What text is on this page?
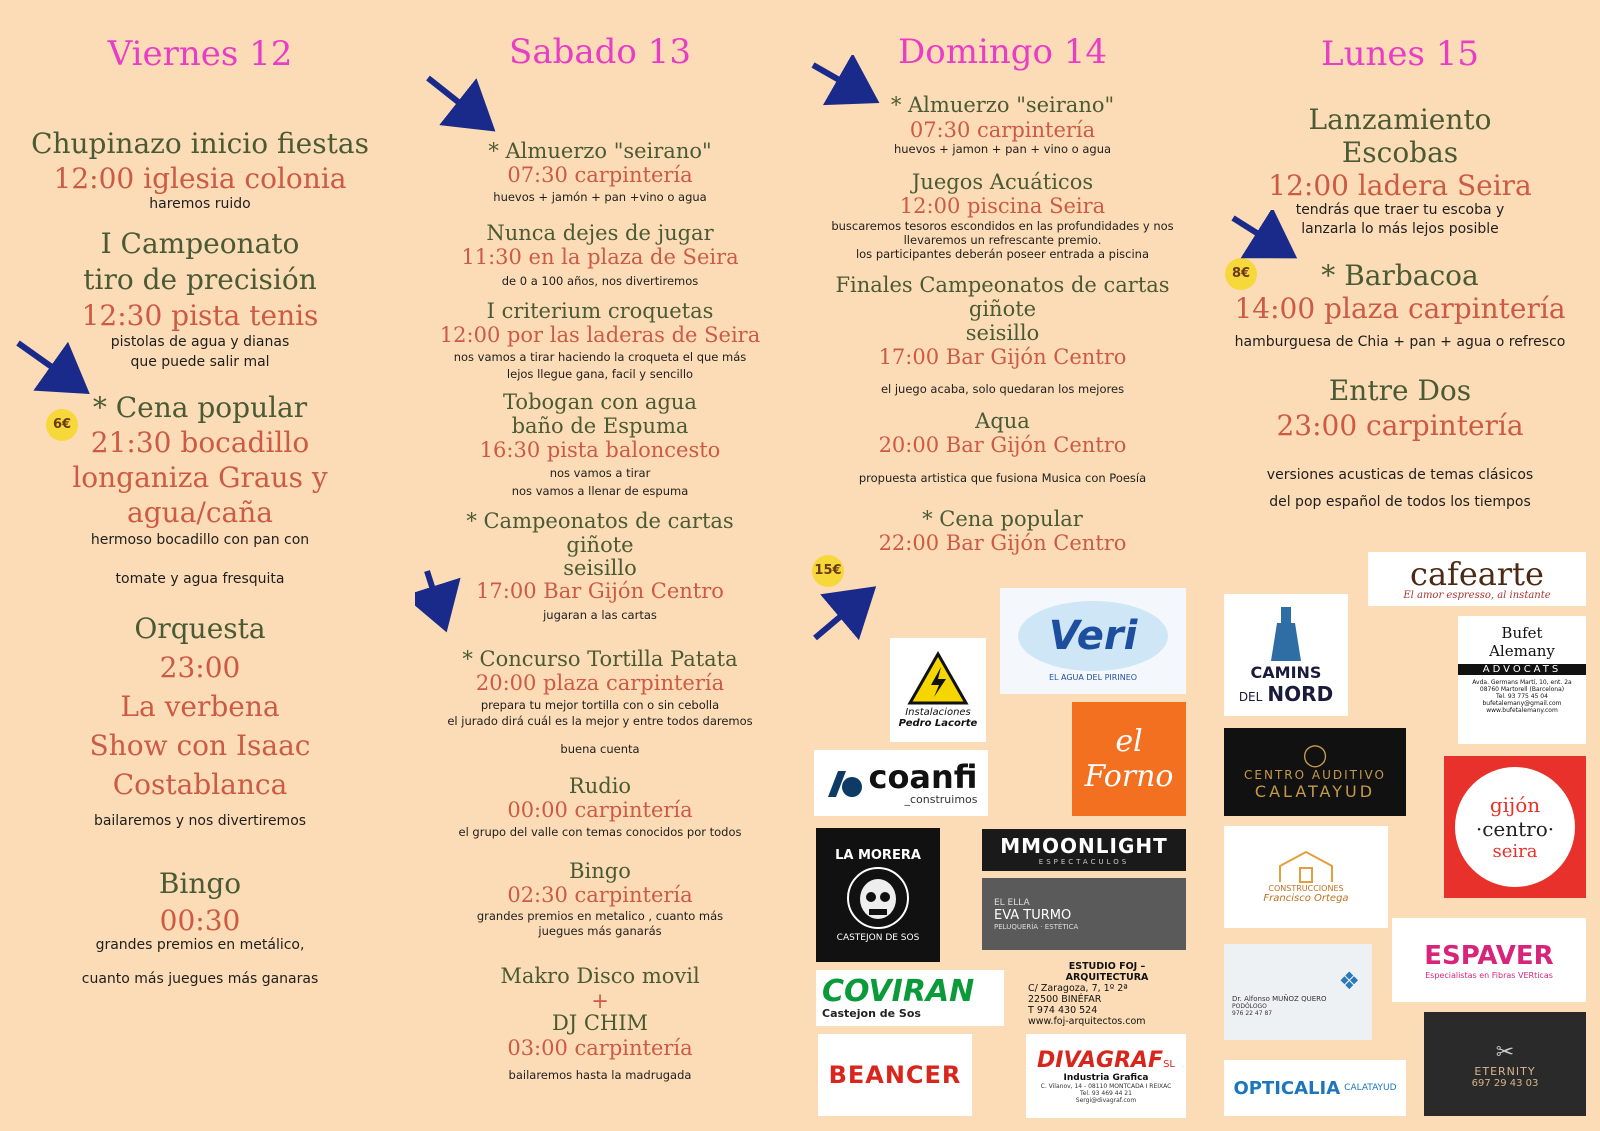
Viernes 12
Chupinazo inicio fiestas
12:00 iglesia colonia
haremos ruido
I Campeonato
tiro de precisión
12:30 pista tenis
pistolas de agua y dianas
que puede salir mal
* Cena popular
21:30 bocadillo
longaniza Graus y
agua/caña
hermoso bocadillo con pan con
tomate y agua fresquita
Orquesta
23:00
La verbena
Show con Isaac
Costablanca
bailaremos y nos divertiremos
Bingo
00:30
grandes premios en metálico,
cuanto más juegues más ganaras
6€
Sabado 13
* Almuerzo "seirano"
07:30 carpintería
huevos + jamón + pan +vino o agua
Nunca dejes de jugar
11:30 en la plaza de Seira
de 0 a 100 años, nos divertiremos
I criterium croquetas
12:00 por las laderas de Seira
nos vamos a tirar haciendo la croqueta el que más
lejos llegue gana, facil y sencillo
Tobogan con agua
baño de Espuma
16:30 pista baloncesto
nos vamos a tirar
nos vamos a llenar de espuma
* Campeonatos de cartas
giñote
seisillo
17:00 Bar Gijón Centro
jugaran a las cartas
* Concurso Tortilla Patata
20:00 plaza carpintería
prepara tu mejor tortilla con o sin cebolla
el jurado dirá cuál es la mejor y entre todos daremos
buena cuenta
Rudio
00:00 carpintería
el grupo del valle con temas conocidos por todos
Bingo
02:30 carpintería
grandes premios en metalico , cuanto más
juegues más ganarás
Makro Disco movil
+
DJ CHIM
03:00 carpintería
bailaremos hasta la madrugada
Domingo 14
* Almuerzo "seirano"
07:30 carpintería
huevos + jamon + pan + vino o agua
Juegos Acuáticos
12:00 piscina Seira
buscaremos tesoros escondidos en las profundidades y nos
llevaremos un refrescante premio.
los participantes deberán poseer entrada a piscina
Finales Campeonatos de cartas
giñote
seisillo
17:00 Bar Gijón Centro
el juego acaba, solo quedaran los mejores
Aqua
20:00 Bar Gijón Centro
propuesta artistica que fusiona Musica con Poesía
* Cena popular
22:00 Bar Gijón Centro
15€
Lunes 15
Lanzamiento
Escobas
12:00 ladera Seira
tendrás que traer tu escoba y
lanzarla lo más lejos posible
* Barbacoa
14:00 plaza carpintería
hamburguesa de Chia + pan + agua o refresco
Entre Dos
23:00 carpintería
versiones acusticas de temas clásicos
del pop español de todos los tiempos
8€
Veri
EL AGUA DEL PIRINEO
Instalaciones
Pedro Lacorte
el Forno
coanfi
_construimos
LA MORERA
CASTEJON DE SOS
MMOONLIGHT
ESPECTACULOS
EL ELLA
EVA TURMO
PELUQUERÍA · ESTÉTICA
COVIRAN
Castejon de Sos
ESTUDIO FOJ – ARQUITECTURA
C/ Zaragoza, 7, 1º 2ª
22500 BINÉFAR
T 974 430 524
www.foj-arquitectos.com
BEANCER
DIVAGRAFSL
Industria Grafica
C. Vilanov, 14 - 08110 MONTCADA I REIXAC
Tel. 93 469 44 21
Sergi@divagraf.com
cafearte
El amor espresso, al instante
CAMINS
DEL NORD
Bufet
Alemany
ADVOCATS
Avda. Germans Martí, 10, ent. 2a
08760 Martorell (Barcelona)
Tel. 93 775 45 04
bufetalemany@gmail.com
www.bufetalemany.com
◯
CENTRO AUDITIVO
CALATAYUD
gijón
·centro·
seira
CONSTRUCCIONES
Francisco Ortega
ESPAVER
Especialistas en Fibras VERticas
❖
Dr. Alfonso MUÑOZ QUERO
PODÓLOGO
976 22 47 87
✂
ETERNITY
697 29 43 03
OPTICALIA CALATAYUD
